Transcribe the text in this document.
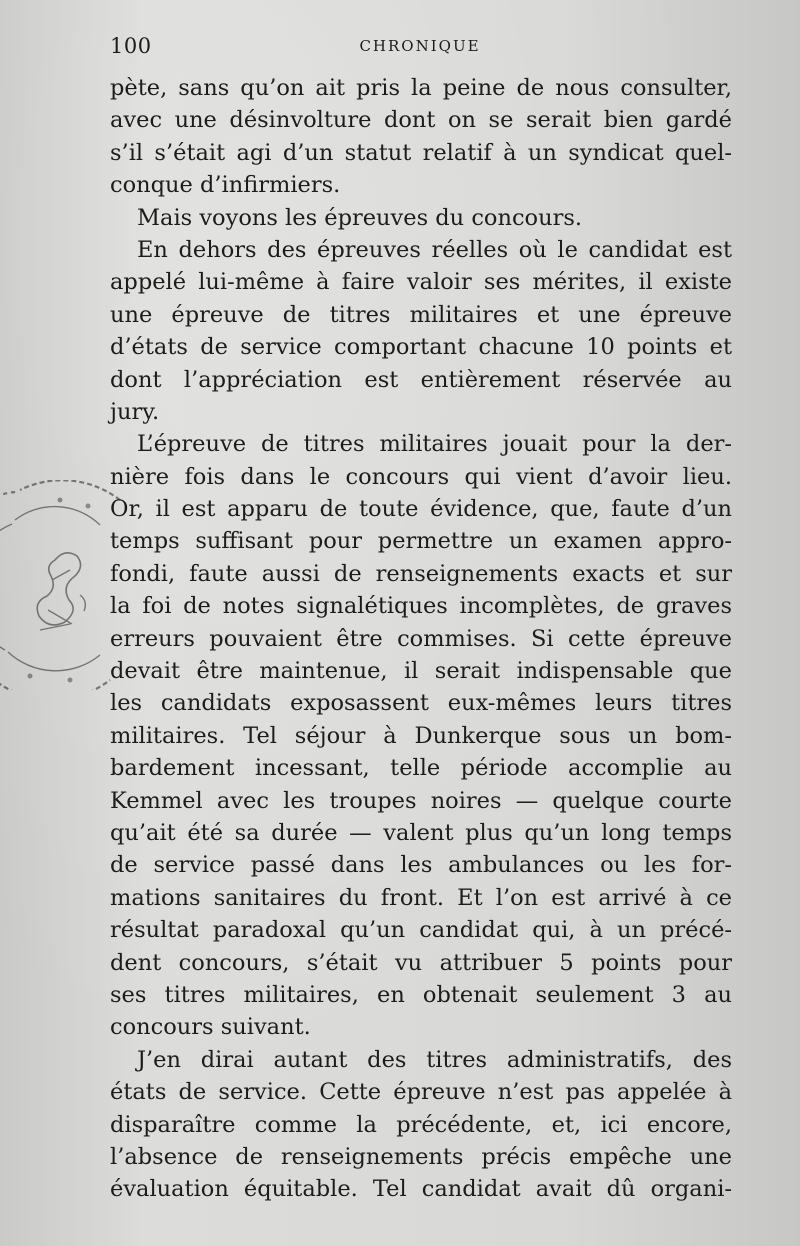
100	CHRONIQUE
pète, sans qu’on ait pris la peine de nous consulter,
avec une désinvolture dont on se serait bien gardé
s’il s’était agi d’un statut relatif à un syndicat quel-
conque d’infirmiers.
Mais voyons les épreuves du concours.
En dehors des épreuves réelles où le candidat est
appelé lui-même à faire valoir ses mérites, il existe
une épreuve de titres militaires et une épreuve
d’états de service comportant chacune 10 points et
dont l’appréciation est entièrement réservée au
jury.
L’épreuve de titres militaires jouait pour la der-
nière fois dans le concours qui vient d’avoir lieu.
Or, il est apparu de toute évidence, que, faute d’un
temps suffisant pour permettre un examen appro-
fondi, faute aussi de renseignements exacts et sur
la foi de notes signalétiques incomplètes, de graves
erreurs pouvaient être commises. Si cette épreuve
devait être maintenue, il serait indispensable que
les candidats exposassent eux-mêmes leurs titres
militaires. Tel séjour à Dunkerque sous un bom-
bardement incessant, telle période accomplie au
Kemmel avec les troupes noires — quelque courte
qu’ait été sa durée — valent plus qu’un long temps
de service passé dans les ambulances ou les for-
mations sanitaires du front. Et l’on est arrivé à ce
résultat paradoxal qu’un candidat qui, à un précé-
dent concours, s’était vu attribuer 5 points pour
ses titres militaires, en obtenait seulement 3 au
concours suivant.
J’en dirai autant des titres administratifs, des
états de service. Cette épreuve n’est pas appelée à
disparaître comme la précédente, et, ici encore,
l’absence de renseignements précis empêche une
évaluation équitable. Tel candidat avait dû organi-
